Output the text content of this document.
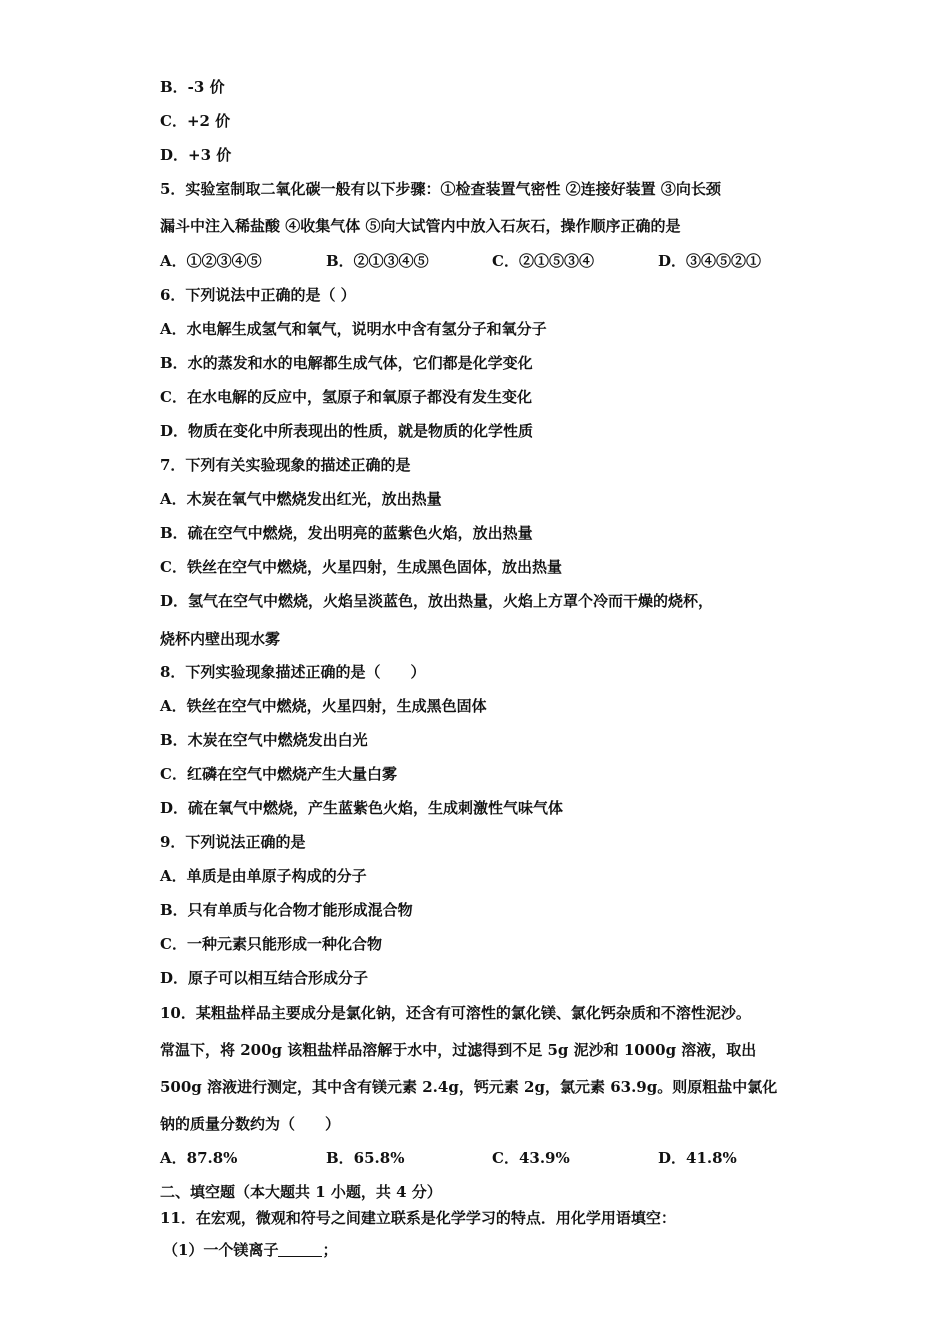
B．-3 价
C．+2 价
D．+3 价
5．实验室制取二氧化碳一般有以下步骤：①检查装置气密性 ②连接好装置 ③向长颈
漏斗中注入稀盐酸 ④收集气体 ⑤向大试管内中放入石灰石，操作顺序正确的是
A．①②③④⑤	B．②①③④⑤	C．②①⑤③④	D．③④⑤②①
6．下列说法中正确的是（ ）
A．水电解生成氢气和氧气，说明水中含有氢分子和氧分子
B．水的蒸发和水的电解都生成气体，它们都是化学变化
C．在水电解的反应中，氢原子和氧原子都没有发生变化
D．物质在变化中所表现出的性质，就是物质的化学性质
7．下列有关实验现象的描述正确的是
A．木炭在氧气中燃烧发出红光，放出热量
B．硫在空气中燃烧，发出明亮的蓝紫色火焰，放出热量
C．铁丝在空气中燃烧，火星四射，生成黑色固体，放出热量
D．氢气在空气中燃烧，火焰呈淡蓝色，放出热量，火焰上方罩个冷而干燥的烧杯，
烧杯内壁出现水雾
8．下列实验现象描述正确的是（　　）
A．铁丝在空气中燃烧，火星四射，生成黑色固体
B．木炭在空气中燃烧发出白光
C．红磷在空气中燃烧产生大量白雾
D．硫在氧气中燃烧，产生蓝紫色火焰，生成刺激性气味气体
9．下列说法正确的是
A．单质是由单原子构成的分子
B．只有单质与化合物才能形成混合物
C．一种元素只能形成一种化合物
D．原子可以相互结合形成分子
10．某粗盐样品主要成分是氯化钠，还含有可溶性的氯化镁、氯化钙杂质和不溶性泥沙。
常温下，将 200g 该粗盐样品溶解于水中，过滤得到不足 5g 泥沙和 1000g 溶液，取出
500g 溶液进行测定，其中含有镁元素 2.4g，钙元素 2g，氯元素 63.9g。则原粗盐中氯化
钠的质量分数约为（　　）
A．87.8%	B．65.8%	C．43.9%	D．41.8%
二、填空题（本大题共 1 小题，共 4 分）
11．在宏观，微观和符号之间建立联系是化学学习的特点．用化学用语填空：
（1）一个镁离子	；
